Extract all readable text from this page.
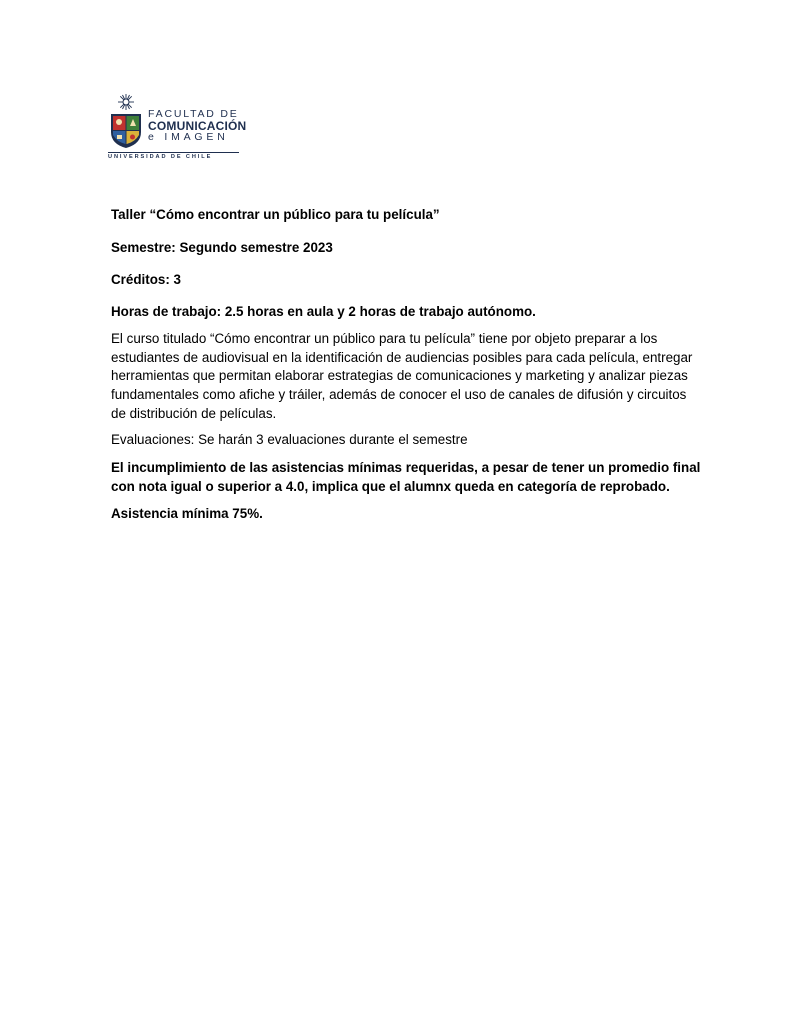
FACULTAD DE
COMUNICACIÓN
e IMAGEN
UNIVERSIDAD DE CHILE

Taller “Cómo encontrar un público para tu película”

Semestre: Segundo semestre 2023

Créditos: 3

Horas de trabajo: 2.5 horas en aula y 2 horas de trabajo autónomo.

El curso titulado “Cómo encontrar un público para tu película” tiene por objeto preparar a los estudiantes de audiovisual en la identificación de audiencias posibles para cada película, entregar herramientas que permitan elaborar estrategias de comunicaciones y marketing y analizar piezas fundamentales como afiche y tráiler, además de conocer el uso de canales de difusión y circuitos de distribución de películas.

Evaluaciones: Se harán 3 evaluaciones durante el semestre

El incumplimiento de las asistencias mínimas requeridas, a pesar de tener un promedio final con nota igual o superior a 4.0, implica que el alumnx queda en categoría de reprobado.

Asistencia mínima 75%.
